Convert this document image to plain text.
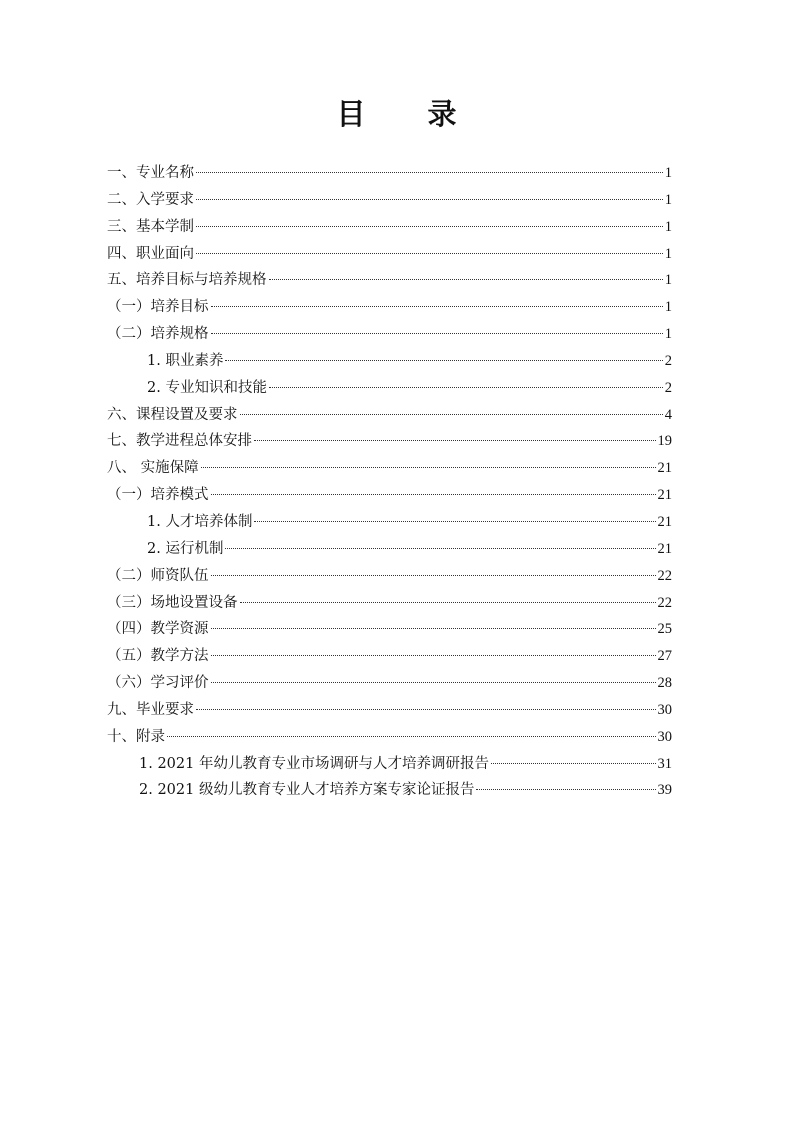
目 录
一、专业名称	1
二、入学要求	1
三、基本学制	1
四、职业面向	1
五、培养目标与培养规格	1
（一）培养目标	1
（二）培养规格	1
1. 职业素养	2
2. 专业知识和技能	2
六、课程设置及要求	4
七、教学进程总体安排	19
八、 实施保障	21
（一）培养模式	21
1. 人才培养体制	21
2. 运行机制	21
（二）师资队伍	22
（三）场地设置设备	22
（四）教学资源	25
（五）教学方法	27
（六）学习评价	28
九、毕业要求	30
十、附录	30
1. 2021 年幼儿教育专业市场调研与人才培养调研报告	31
2. 2021 级幼儿教育专业人才培养方案专家论证报告	39
